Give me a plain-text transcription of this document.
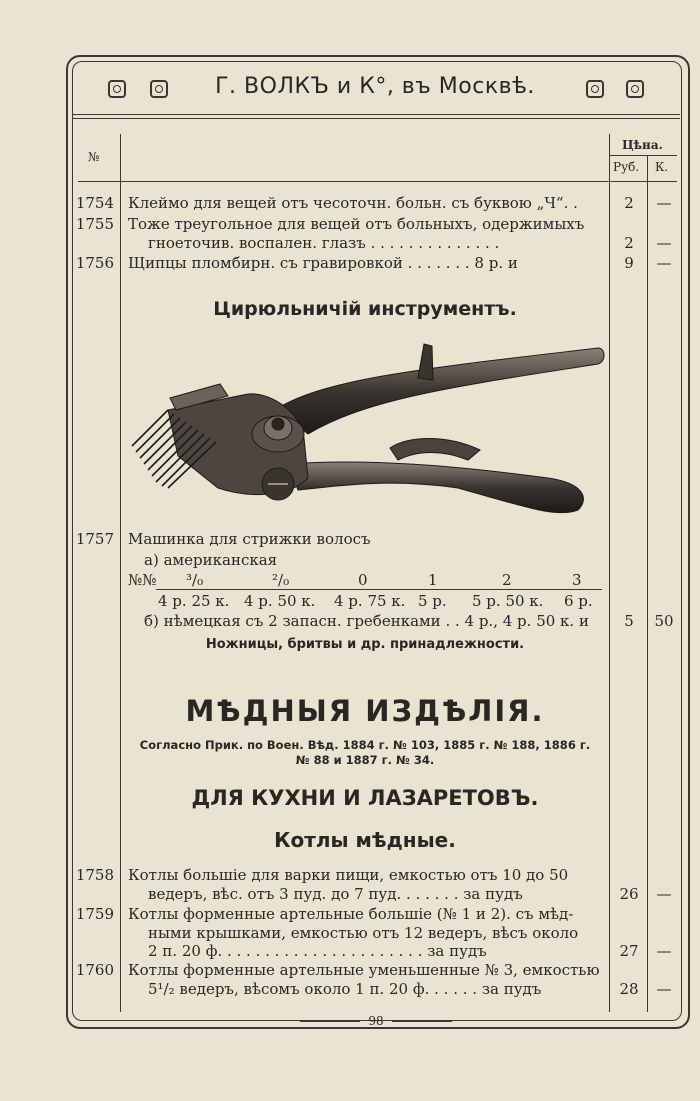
Г. ВОЛКЪ и К°, въ Москвѣ.
№
Цѣна.
Руб. К.
1754 Клеймо для вещей отъ чесоточн. больн. съ буквою „Ч“. .	2	—
1755 Тоже треугольное для вещей отъ больныхъ, одержимыхъ
гноеточив. воспален. глазъ . . . . . . . . . . . . . .	2	—
1756 Щипцы пломбирн. съ гравировкой . . . . . . . 8 р. и	9	—
Цирюльничій инструментъ.
1757 Машинка для стрижки волосъ
а) американская
№№ ³/₀	²/₀	0	1	2	3
4 р. 25 к. 4 р. 50 к. 4 р. 75 к. 5 р. 5 р. 50 к. 6 р.
б) нѣмецкая съ 2 запасн. гребенками . . 4 р., 4 р. 50 к. и	5	50
Ножницы, бритвы и др. принадлежности.
МѢДНЫЯ ИЗДѢЛІЯ.
Согласно Прик. по Воен. Вѣд. 1884 г. № 103, 1885 г. № 188, 1886 г.
№ 88 и 1887 г. № 34.
ДЛЯ КУХНИ И ЛАЗАРЕТОВЪ.
Котлы мѣдные.
1758 Котлы большіе для варки пищи, емкостью отъ 10 до 50
ведеръ, вѣс. отъ 3 пуд. до 7 пуд. . . . . . . за пудъ	26	—
1759 Котлы форменные артельные большіе (№ 1 и 2). съ мѣд-
ными крышками, емкостью отъ 12 ведеръ, вѣсъ около
2 п. 20 ф. . . . . . . . . . . . . . . . . . . . . . за пудъ	27	—
1760 Котлы форменные артельные уменьшенные № 3, емкостью
5¹/₂ ведеръ, вѣсомъ около 1 п. 20 ф. . . . . . за пудъ	28	—
98
